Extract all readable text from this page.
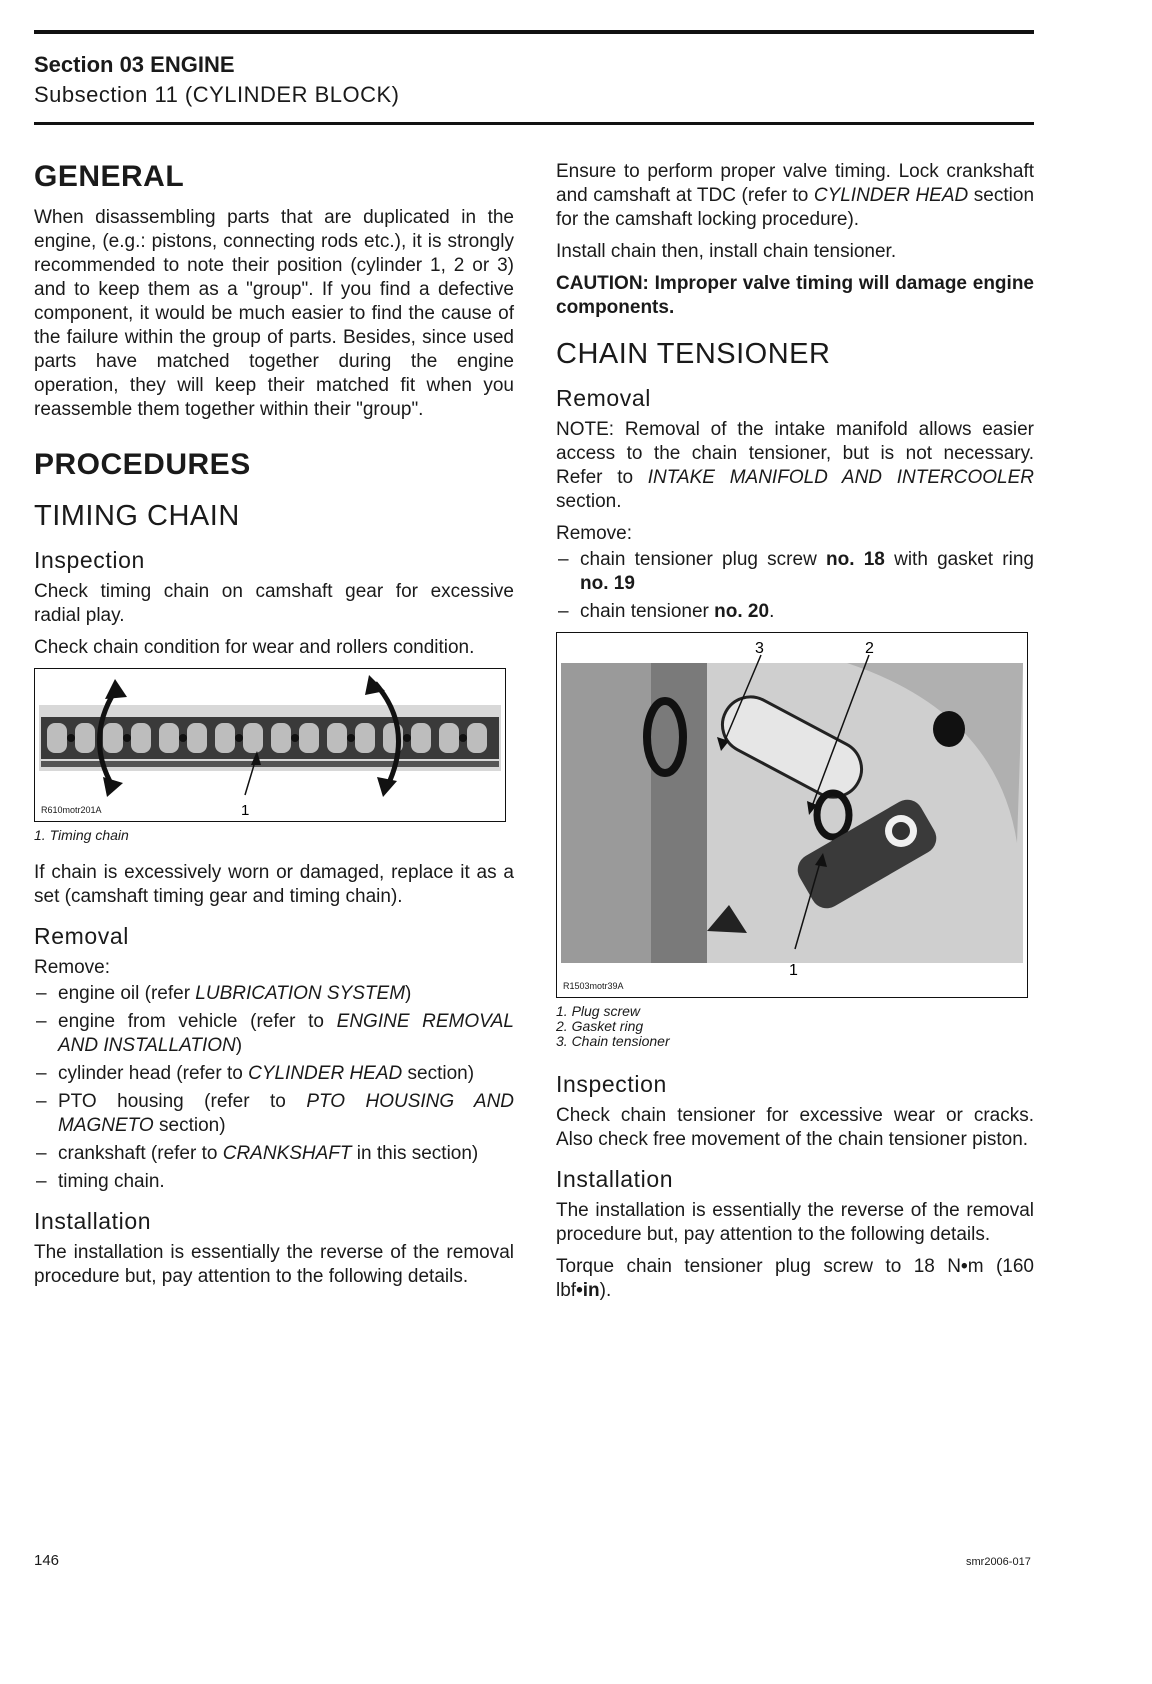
Section 03 ENGINE
Subsection 11 (CYLINDER BLOCK)
GENERAL

When disassembling parts that are duplicated in the engine, (e.g.: pistons, connecting rods etc.), it is strongly recommended to note their position (cylinder 1, 2 or 3) and to keep them as a "group". If you find a defective component, it would be much easier to find the cause of the failure within the group of parts. Besides, since used parts have matched together during the engine operation, they will keep their matched fit when you reassemble them together within their "group".

PROCEDURES
TIMING CHAIN
Inspection

Check timing chain on camshaft gear for excessive radial play.

Check chain condition for wear and rollers condition.

1
R610motr201A
1. Timing chain

If chain is excessively worn or damaged, replace it as a set (camshaft timing gear and timing chain).

Removal

Remove:

– engine oil (refer LUBRICATION SYSTEM)
– engine from vehicle (refer to ENGINE REMOVAL AND INSTALLATION)
– cylinder head (refer to CYLINDER HEAD section)
– PTO housing (refer to PTO HOUSING AND MAGNETO section)
– crankshaft (refer to CRANKSHAFT in this section)
– timing chain.
Installation

The installation is essentially the reverse of the removal procedure but, pay attention to the following details.

Ensure to perform proper valve timing. Lock crankshaft and camshaft at TDC (refer to CYLINDER HEAD section for the camshaft locking procedure).

Install chain then, install chain tensioner.

CAUTION: Improper valve timing will damage engine components.

CHAIN TENSIONER
Removal

NOTE: Removal of the intake manifold allows easier access to the chain tensioner, but is not necessary. Refer to INTAKE MANIFOLD AND INTERCOOLER section.

Remove:

– chain tensioner plug screw no. 18 with gasket ring no. 19
– chain tensioner no. 20.
3	2
1
R1503motr39A
1. Plug screw
2. Gasket ring
3. Chain tensioner
Inspection

Check chain tensioner for excessive wear or cracks. Also check free movement of the chain tensioner piston.

Installation

The installation is essentially the reverse of the removal procedure but, pay attention to the following details.

Torque chain tensioner plug screw to 18 N•m (160 lbf•in).

146	smr2006-017
